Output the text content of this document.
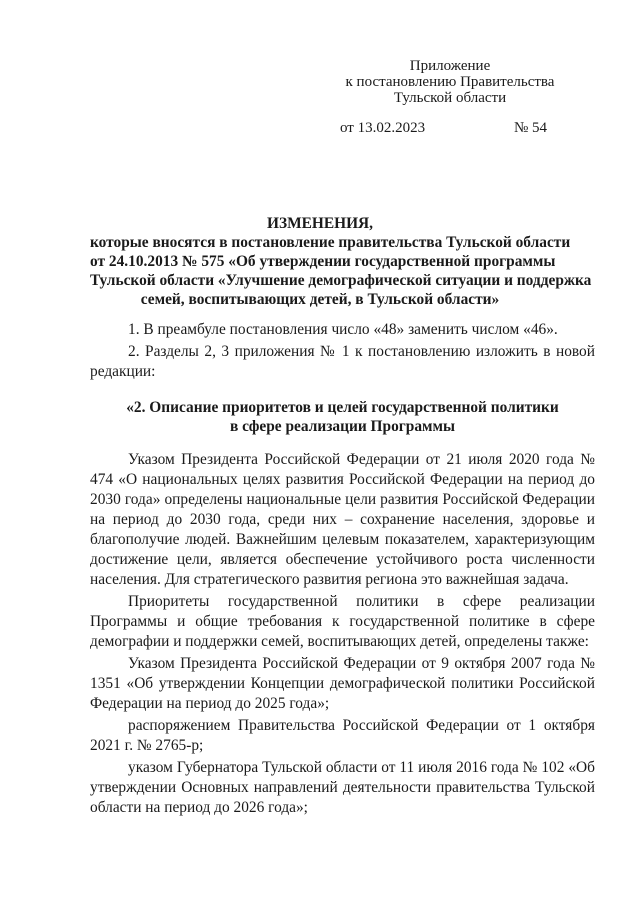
Приложение
к постановлению Правительства
Тульской области
от 13.02.2023	№ 54
ИЗМЕНЕНИЯ,
которые вносятся в постановление правительства Тульской области
от 24.10.2013 № 575 «Об утверждении государственной программы
Тульской области «Улучшение демографической ситуации и поддержка
семей, воспитывающих детей, в Тульской области»

1. В преамбуле постановления число «48» заменить числом «46».

2. Разделы 2, 3 приложения № 1 к постановлению изложить в новой редакции:

«2. Описание приоритетов и целей государственной политики
в сфере реализации Программы

Указом Президента Российской Федерации от 21 июля 2020 года № 474 «О национальных целях развития Российской Федерации на период до 2030 года» определены национальные цели развития Российской Федерации на период до 2030 года, среди них – сохранение населения, здоровье и благополучие людей. Важнейшим целевым показателем, характеризующим достижение цели, является обеспечение устойчивого роста численности населения. Для стратегического развития региона это важнейшая задача.

Приоритеты государственной политики в сфере реализации Программы и общие требования к государственной политике в сфере демографии и поддержки семей, воспитывающих детей, определены также:

Указом Президента Российской Федерации от 9 октября 2007 года № 1351 «Об утверждении Концепции демографической политики Российской Федерации на период до 2025 года»;

распоряжением Правительства Российской Федерации от 1 октября 2021 г. № 2765-р;

указом Губернатора Тульской области от 11 июля 2016 года № 102 «Об утверждении Основных направлений деятельности правительства Тульской области на период до 2026 года»;
